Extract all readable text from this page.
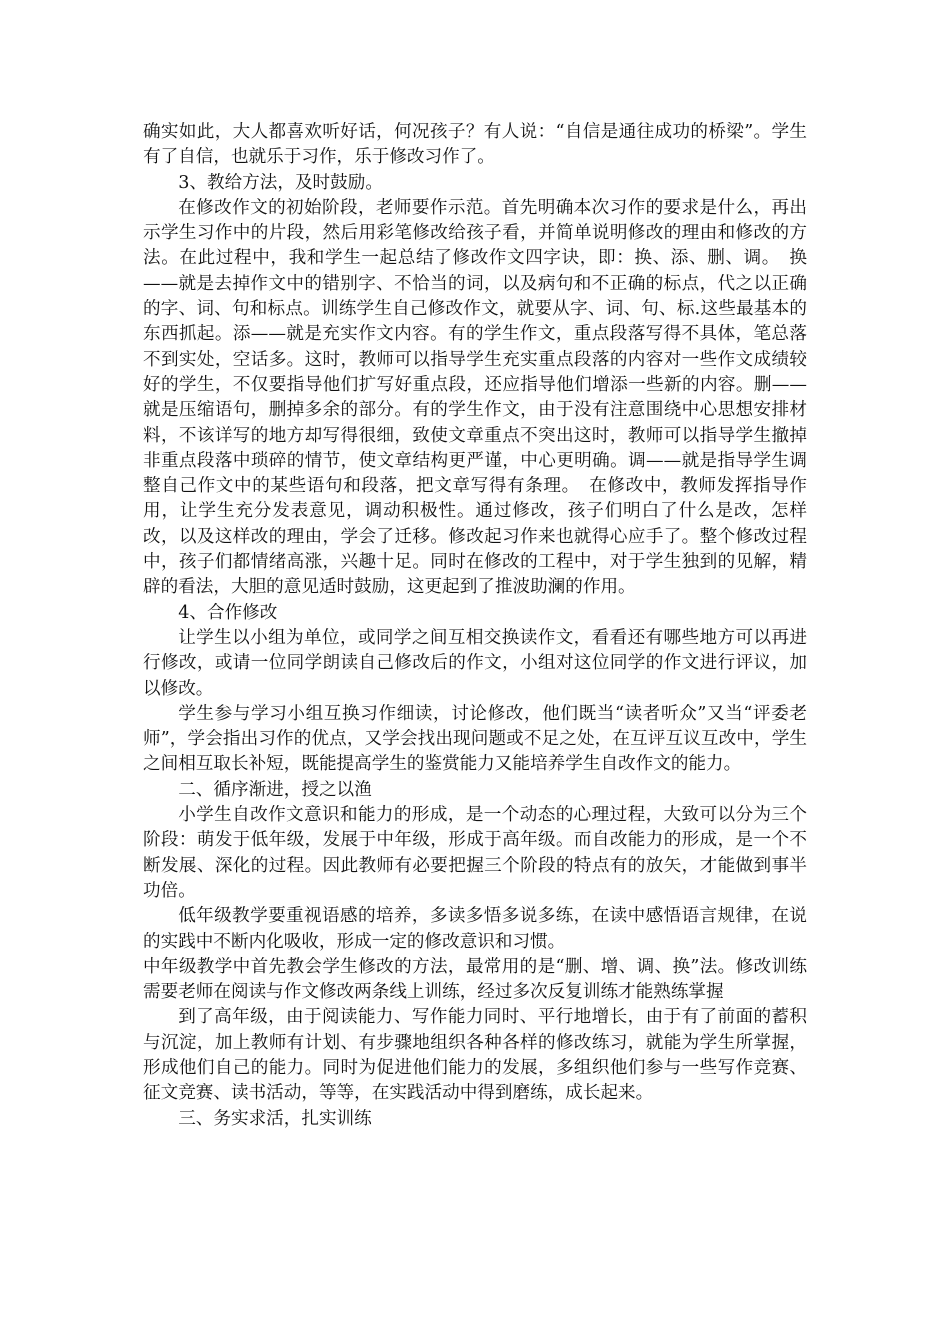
确实如此，大人都喜欢听好话，何况孩子？有人说：“自信是通往成功的桥梁”。学生有了自信，也就乐于习作，乐于修改习作了。

3、教给方法，及时鼓励。

在修改作文的初始阶段，老师要作示范。首先明确本次习作的要求是什么，再出示学生习作中的片段，然后用彩笔修改给孩子看，并简单说明修改的理由和修改的方法。在此过程中，我和学生一起总结了修改作文四字诀，即：换、添、删、调。　换——就是去掉作文中的错别字、不恰当的词，以及病句和不正确的标点，代之以正确的字、词、句和标点。训练学生自己修改作文，就要从字、词、句、标.这些最基本的东西抓起。添——就是充实作文内容。有的学生作文，重点段落写得不具体，笔总落不到实处，空话多。这时，教师可以指导学生充实重点段落的内容对一些作文成绩较好的学生，不仅要指导他们扩写好重点段，还应指导他们增添一些新的内容。删——就是压缩语句，删掉多余的部分。有的学生作文，由于没有注意围绕中心思想安排材料，不该详写的地方却写得很细，致使文章重点不突出这时，教师可以指导学生撤掉非重点段落中琐碎的情节，使文章结构更严谨，中心更明确。调——就是指导学生调整自己作文中的某些语句和段落，把文章写得有条理。　在修改中，教师发挥指导作用，让学生充分发表意见，调动积极性。通过修改，孩子们明白了什么是改，怎样改，以及这样改的理由，学会了迁移。修改起习作来也就得心应手了。整个修改过程中，孩子们都情绪高涨，兴趣十足。同时在修改的工程中，对于学生独到的见解，精辟的看法，大胆的意见适时鼓励，这更起到了推波助澜的作用。

4、合作修改

让学生以小组为单位，或同学之间互相交换读作文，看看还有哪些地方可以再进行修改，或请一位同学朗读自己修改后的作文，小组对这位同学的作文进行评议，加以修改。

学生参与学习小组互换习作细读，讨论修改，他们既当“读者听众”又当“评委老师”，学会指出习作的优点，又学会找出现问题或不足之处，在互评互议互改中，学生之间相互取长补短，既能提高学生的鉴赏能力又能培养学生自改作文的能力。

二、循序渐进，授之以渔

小学生自改作文意识和能力的形成，是一个动态的心理过程，大致可以分为三个阶段：萌发于低年级，发展于中年级，形成于高年级。而自改能力的形成，是一个不断发展、深化的过程。因此教师有必要把握三个阶段的特点有的放矢，才能做到事半功倍。

低年级教学要重视语感的培养，多读多悟多说多练，在读中感悟语言规律，在说的实践中不断内化吸收，形成一定的修改意识和习惯。

中年级教学中首先教会学生修改的方法，最常用的是“删、增、调、换”法。修改训练需要老师在阅读与作文修改两条线上训练，经过多次反复训练才能熟练掌握

到了高年级，由于阅读能力、写作能力同时、平行地增长，由于有了前面的蓄积与沉淀，加上教师有计划、有步骤地组织各种各样的修改练习，就能为学生所掌握，形成他们自己的能力。同时为促进他们能力的发展，多组织他们参与一些写作竞赛、征文竞赛、读书活动，等等，在实践活动中得到磨练，成长起来。

三、务实求活，扎实训练
